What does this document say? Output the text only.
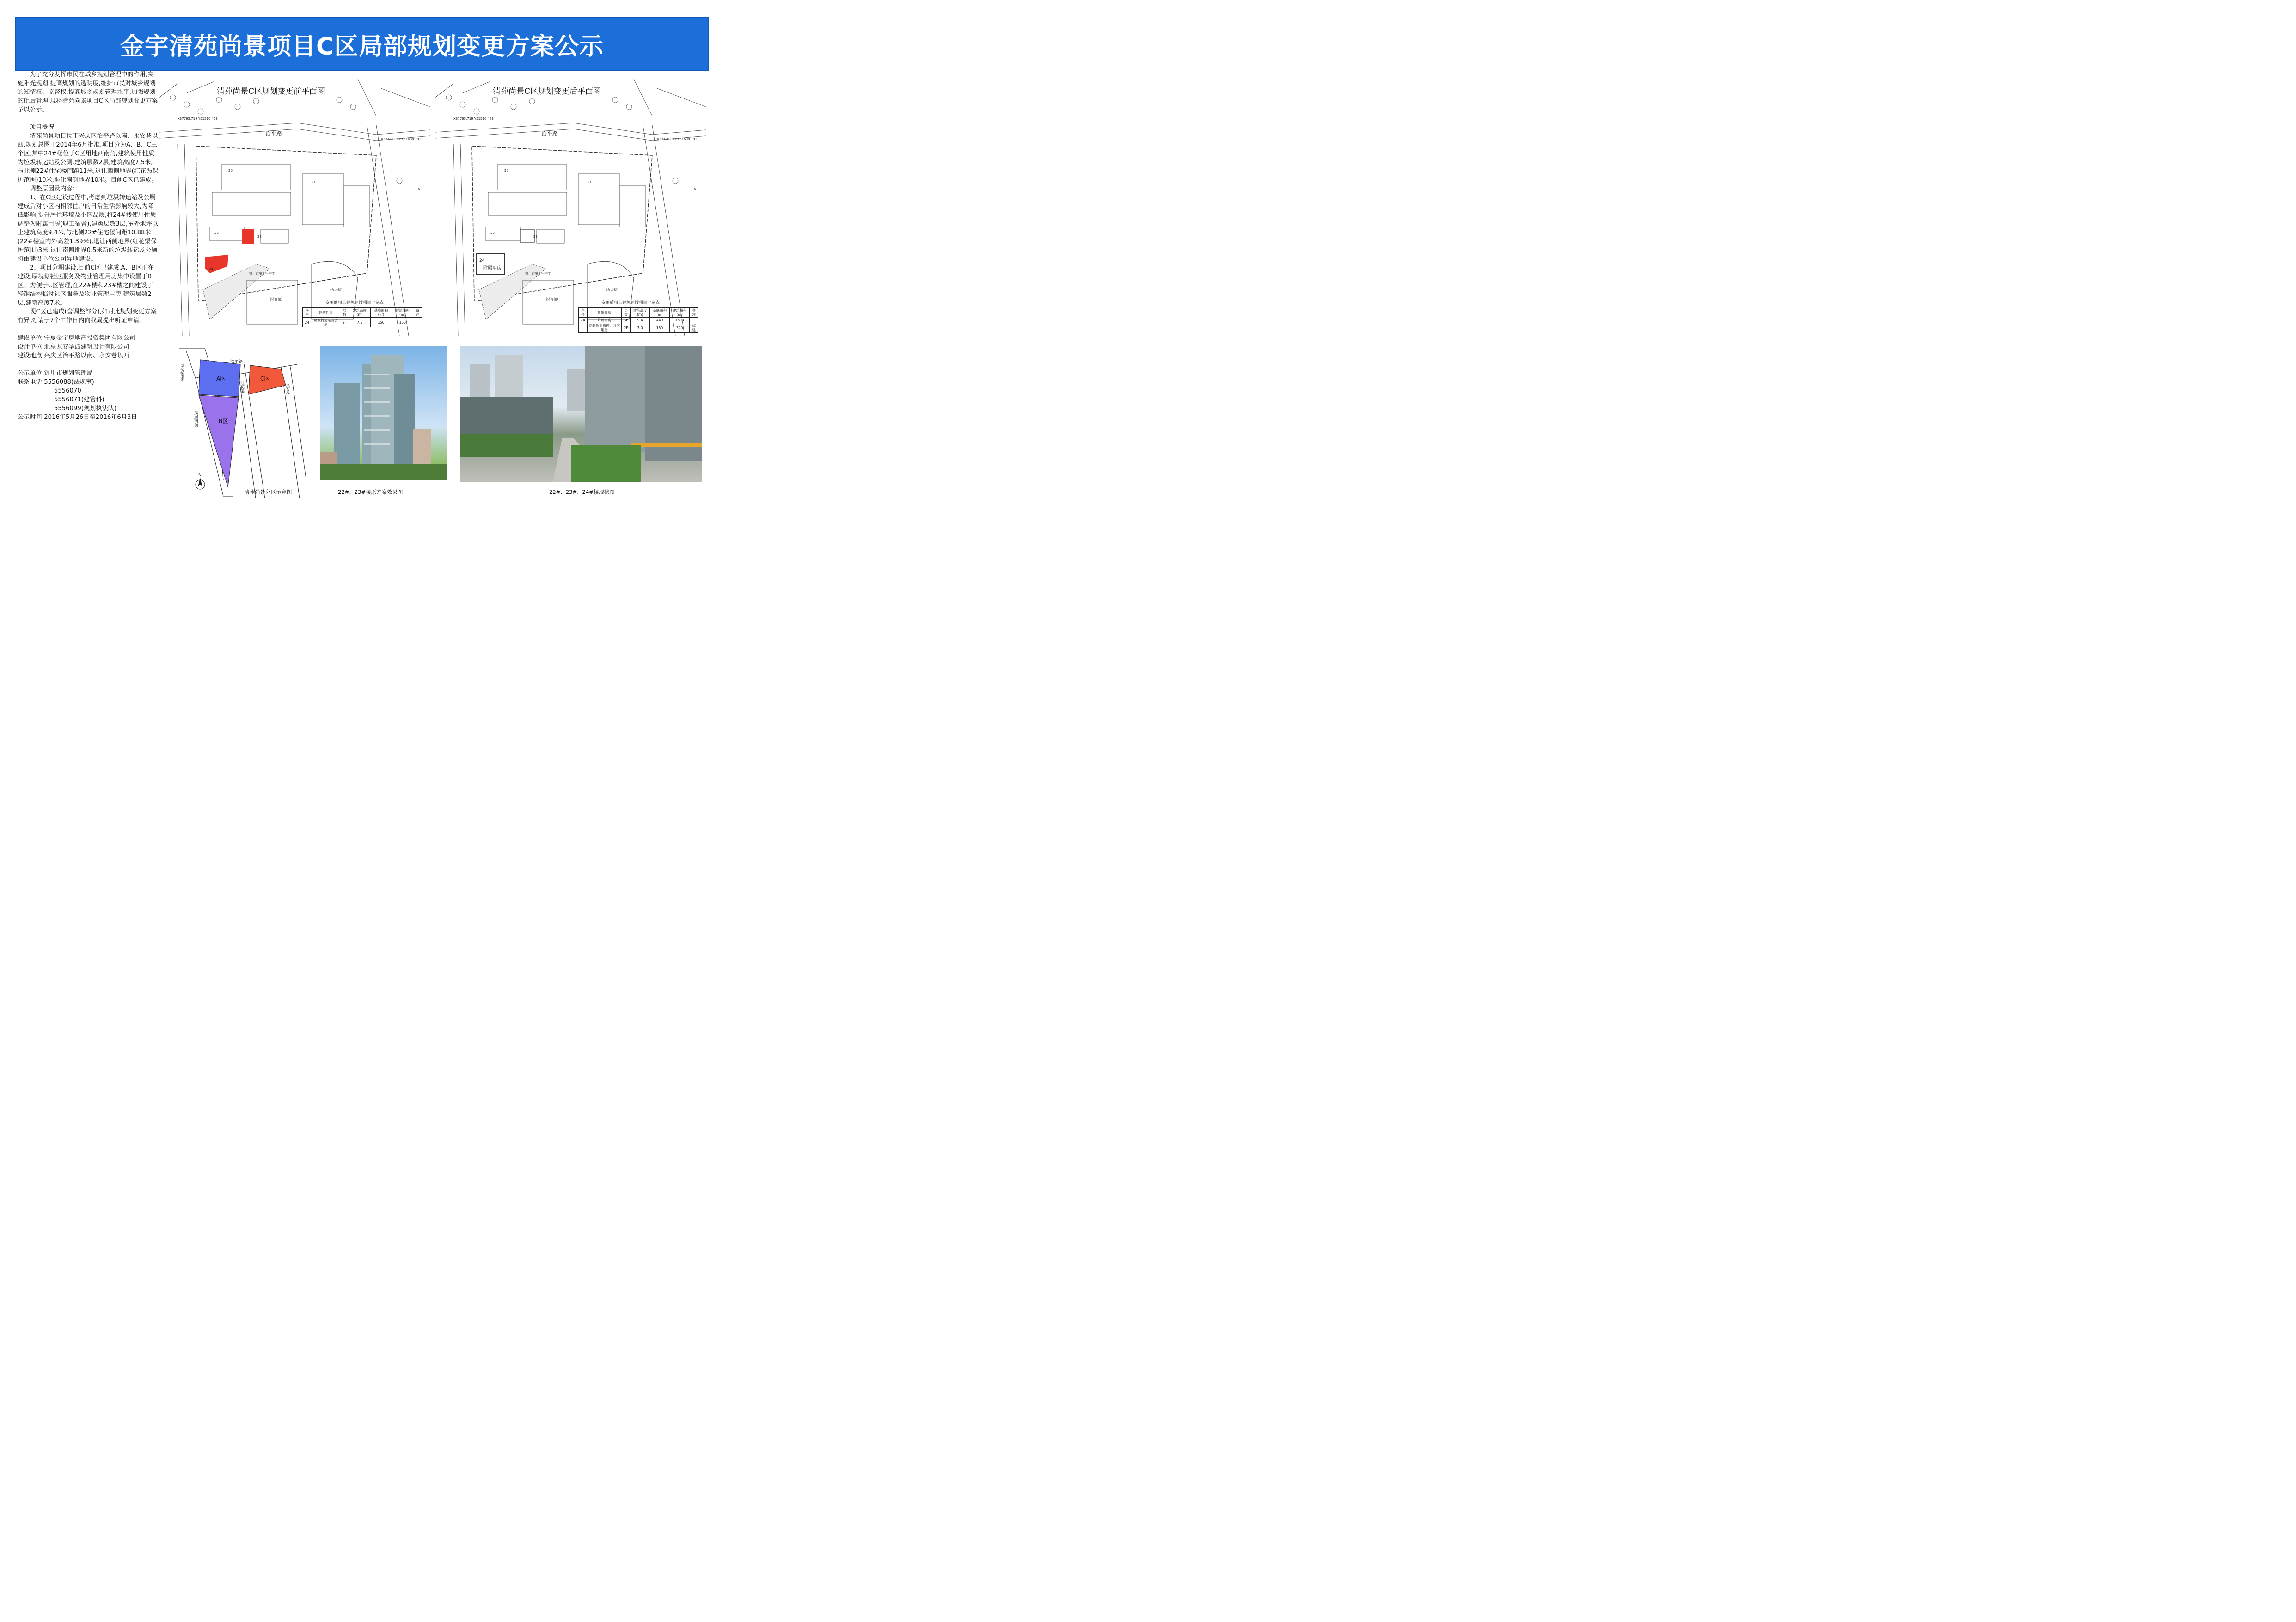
金宇清苑尚景项目C区局部规划变更方案公示

为了充分发挥市民在城乡规划管理中的作用,实施阳光规划,提高规划的透明度,维护市民对城乡规划的知情权、监督权,提高城乡规划管理水平,加强规划的批后管理,现将清苑尚景项目C区局部规划变更方案予以公示。

项目概况:

清苑尚景项目位于兴庆区治平路以南、永安巷以西,规划总图于2014年6月批准,项目分为A、B、C三个区,其中24#楼位于C区用地西南角,建筑使用性质为垃圾转运站及公厕,建筑层数2层,建筑高度7.5米,与北侧22#住宅楼间距11米,退让西侧地界(红花渠保护范围)10米,退让南侧地界10米。目前C区已建成。

调整原因及内容:

1、在C区建设过程中,考虑到垃圾转运站及公厕建成后对小区内相邻住户的日常生活影响较大,为降低影响,提升居住环境及小区品质,将24#楼使用性质调整为附属用房(职工宿舍),建筑层数3层,室外地坪以上建筑高度9.4米,与北侧22#住宅楼间距10.88米(22#楼室内外高差1.39米),退让西侧地界(红花渠保护范围)3米,退让南侧地界0.5米新的垃圾转运及公厕将由建设单位公司异地建设。

2、项目分期建设,目前C区已建成,A、B区正在建设,原规划社区服务及物业管理用房集中设置于B区。为便于C区管理,在22#楼和23#楼之间建设了轻钢结构临时社区服务及物业管理用房,建筑层数2层,建筑高度7米。

现C区已建成(含调整部分),如对此规划变更方案有异议,请于7个工作日内向我局提出听证申请。

建设单位:宁夏金宇房地产投资集团有限公司

设计单位:北京龙安华诚建筑设计有限公司

建设地点:兴庆区治平路以南、永安巷以西

公示单位:银川市规划管理局

联系电话:5556088(法规室)

5556070

5556071(建管科)

5556099(规划执法队)

公示时间:2016年5月26日至2016年6月3日

N
X37765.719 Y51510.463
X37738.012 Y51688.191
治平路
20
21
22
23
24
银川市第十一中学
(体育馆)
(办公楼)
清苑尚景C区规划变更前平面图
变更前相关建筑建设项目一览表
序号	建筑性质	层数	建筑高度(m)	基底面积(㎡)	建筑面积(㎡)	备注
24	垃圾转运站及公厕	2F	7.5	150	150	
N
X37765.719 Y51510.463
X37738.012 Y51688.191
治平路
20
21
22
23
24
附属用房
银川市第十一中学
(体育馆)
(办公楼)
清苑尚景C区规划变更后平面图
变更后相关建筑建设项目一览表
序号	建筑性质	层数	建筑高度(m)	基底面积(㎡)	建筑面积(㎡)	备注
24	附属用房	3F	9.4	440	1300	
	临时物业管理、社区用房	2F	7.0	150	300	临建
A区
B区
C区
治平路
民族南街
红花渠	永安巷
凤凰南街
N
清苑尚景分区示意图	22#、23#楼原方案效果图	22#、23#、24#楼现状图
